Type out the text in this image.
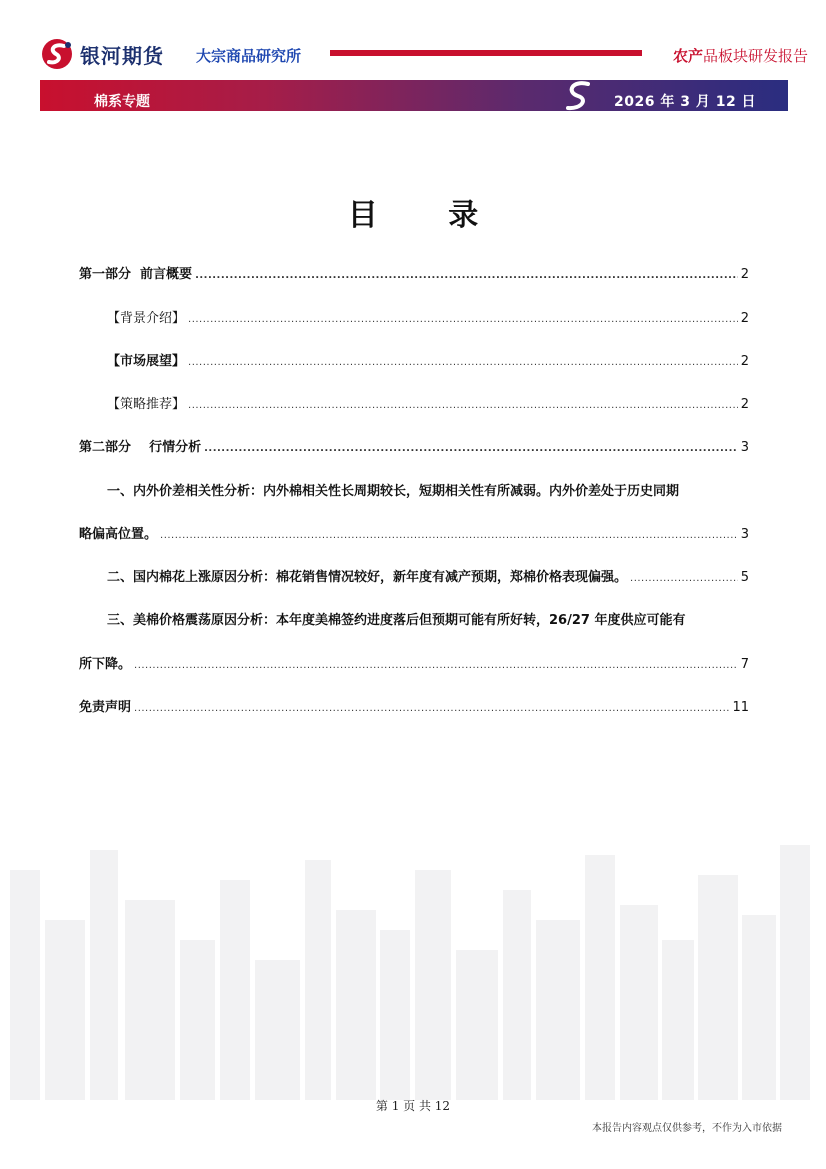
银河期货 大宗商品研究所	农产品板块研发报告
棉系专题	2026 年 3 月 12 日
目 录
第一部分  前言概要 .....	2
【背景介绍】 .....	2
【市场展望】 .....	2
【策略推荐】 .....	2
第二部分    行情分析 .....	3
一、内外价差相关性分析：内外棉相关性长周期较长，短期相关性有所减弱。内外价差处于历史同期
略偏高位置。 .....	3
二、国内棉花上涨原因分析：棉花销售情况较好，新年度有减产预期，郑棉价格表现偏强。 .....	5
三、美棉价格震荡原因分析：本年度美棉签约进度落后但预期可能有所好转，26/27 年度供应可能有
所下降。 .....	7
免责声明 .....	11
第 1 页 共 12
本报告内容观点仅供参考，不作为入市依据
